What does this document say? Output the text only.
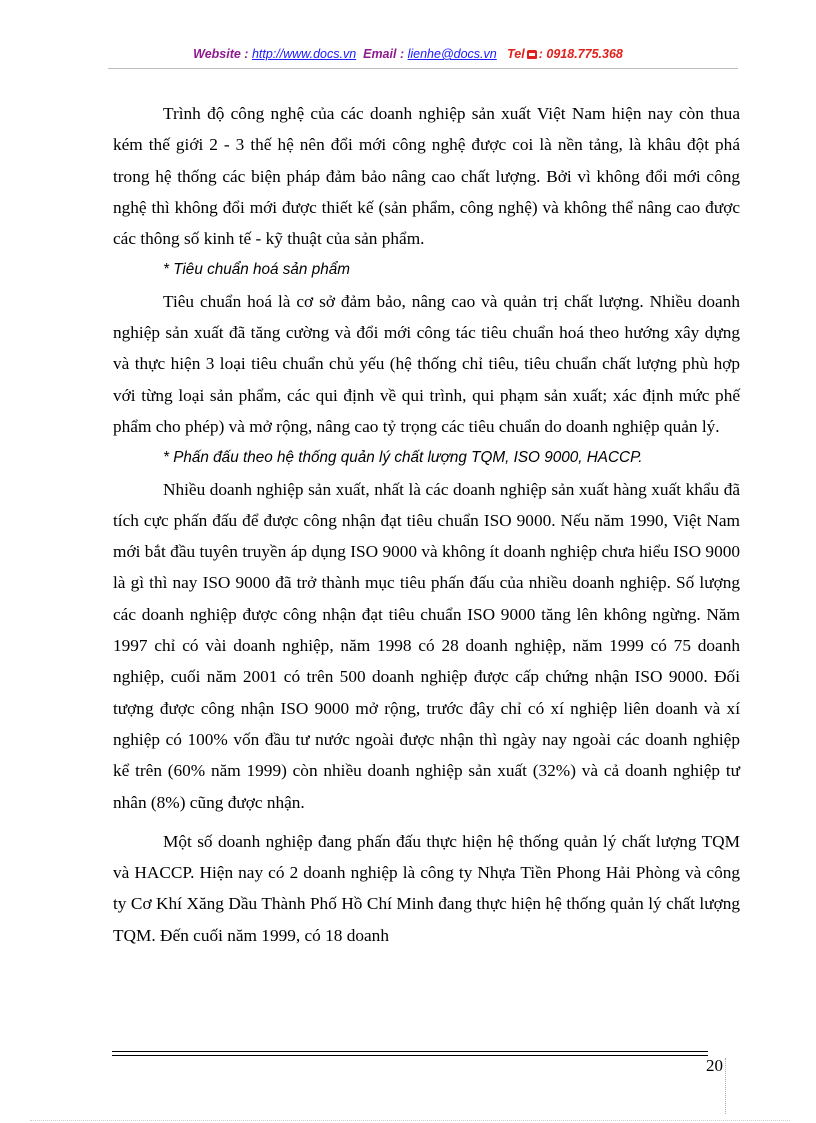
Website : http://www.docs.vn Email : lienhe@docs.vn Tel : 0918.775.368

Trình độ công nghệ của các doanh nghiệp sản xuất Việt Nam hiện nay còn thua kém thế giới 2 - 3 thế hệ nên đổi mới công nghệ được coi là nền tảng, là khâu đột phá trong hệ thống các biện pháp đảm bảo nâng cao chất lượng. Bởi vì không đổi mới công nghệ thì không đổi mới được thiết kế (sản phẩm, công nghệ) và không thể nâng cao được các thông số kinh tế - kỹ thuật của sản phẩm.

* Tiêu chuẩn hoá sản phẩm

Tiêu chuẩn hoá là cơ sở đảm bảo, nâng cao và quản trị chất lượng. Nhiều doanh nghiệp sản xuất đã tăng cường và đổi mới công tác tiêu chuẩn hoá theo hướng xây dựng và thực hiện 3 loại tiêu chuẩn chủ yếu (hệ thống chỉ tiêu, tiêu chuẩn chất lượng phù hợp với từng loại sản phẩm, các qui định về qui trình, qui phạm sản xuất; xác định mức phế phẩm cho phép) và mở rộng, nâng cao tỷ trọng các tiêu chuẩn do doanh nghiệp quản lý.

* Phấn đấu theo hệ thống quản lý chất lượng TQM, ISO 9000, HACCP.

Nhiều doanh nghiệp sản xuất, nhất là các doanh nghiệp sản xuất hàng xuất khẩu đã tích cực phấn đấu để được công nhận đạt tiêu chuẩn ISO 9000. Nếu năm 1990, Việt Nam mới bắt đầu tuyên truyền áp dụng ISO 9000 và không ít doanh nghiệp chưa hiểu ISO 9000 là gì thì nay ISO 9000 đã trở thành mục tiêu phấn đấu của nhiều doanh nghiệp. Số lượng các doanh nghiệp được công nhận đạt tiêu chuẩn ISO 9000 tăng lên không ngừng. Năm 1997 chỉ có vài doanh nghiệp, năm 1998 có 28 doanh nghiệp, năm 1999 có 75 doanh nghiệp, cuối năm 2001 có trên 500 doanh nghiệp được cấp chứng nhận ISO 9000. Đối tượng được công nhận ISO 9000 mở rộng, trước đây chỉ có xí nghiệp liên doanh và xí nghiệp có 100% vốn đầu tư nước ngoài được nhận thì ngày nay ngoài các doanh nghiệp kể trên (60% năm 1999) còn nhiều doanh nghiệp sản xuất (32%) và cả doanh nghiệp tư nhân (8%) cũng được nhận.

Một số doanh nghiệp đang phấn đấu thực hiện hệ thống quản lý chất lượng TQM và HACCP. Hiện nay có 2 doanh nghiệp là công ty Nhựa Tiền Phong Hải Phòng và công ty Cơ Khí Xăng Dầu Thành Phố Hồ Chí Minh đang thực hiện hệ thống quản lý chất lượng TQM. Đến cuối năm 1999, có 18 doanh

20
